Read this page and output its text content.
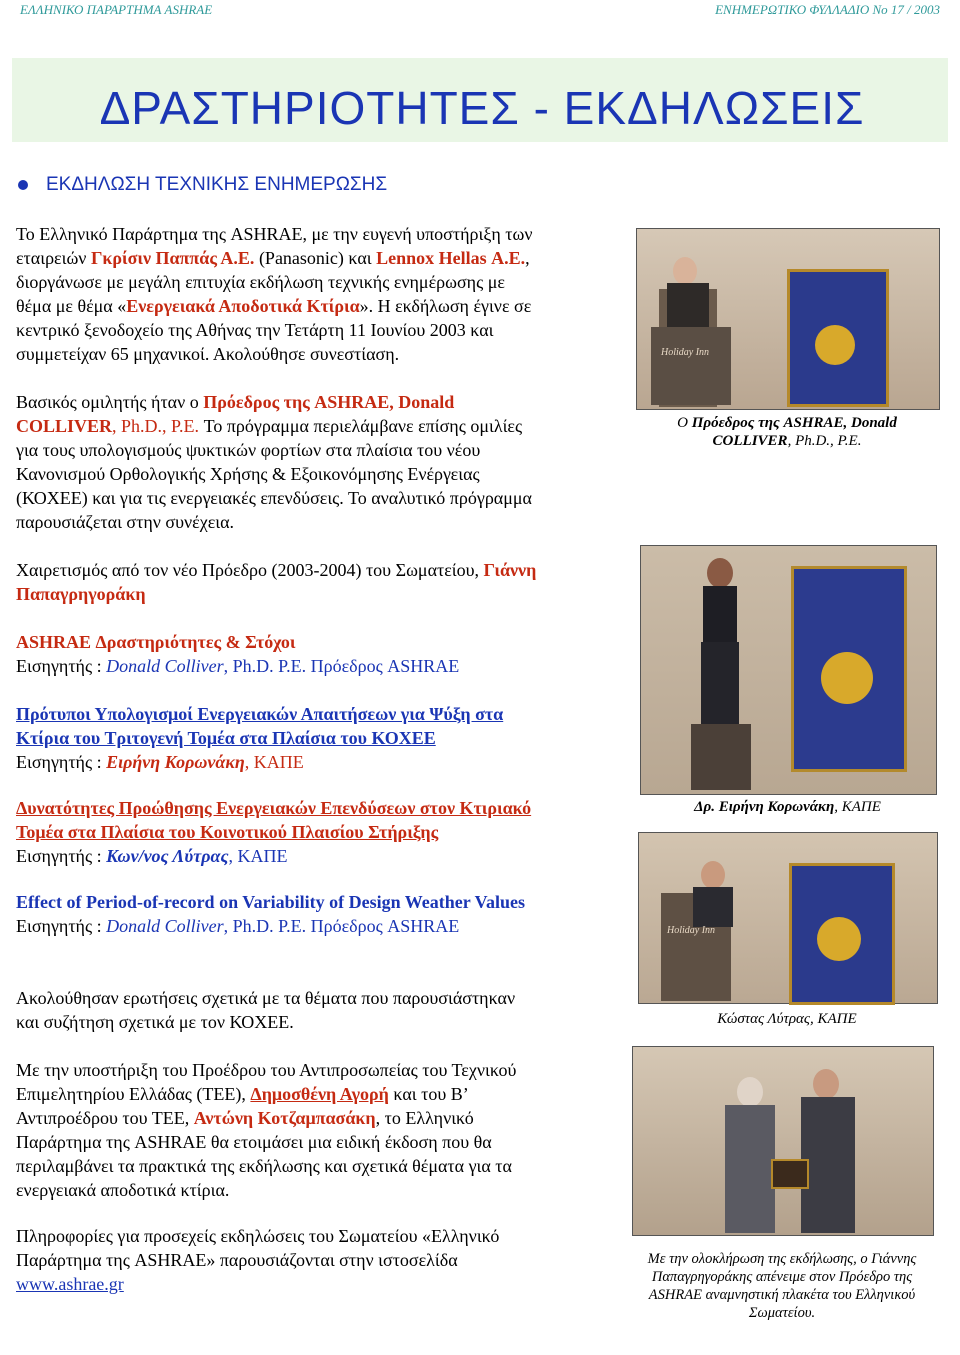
ΕΛΛΗΝΙΚΟ ΠΑΡΑΡΤΗΜΑ ASHRAE	ΕΝΗΜΕΡΩΤΙΚΟ ΦΥΛΛΑΔΙΟ Νο 17 / 2003
ΔΡΑΣΤΗΡΙΟΤΗΤΕΣ - ΕΚΔΗΛΩΣΕΙΣ
ΕΚΔΗΛΩΣΗ ΤΕΧΝΙΚΗΣ ΕΝΗΜΕΡΩΣΗΣ
Το Ελληνικό Παράρτημα της ASHRAE, με την ευγενή υποστήριξη των
εταιρειών Γκρίσιν Παππάς Α.Ε. (Panasonic) και Lennox Hellas Α.Ε.,
διοργάνωσε με μεγάλη επιτυχία εκδήλωση τεχνικής ενημέρωσης με
θέμα με θέμα «Ενεργειακά Αποδοτικά Κτίρια». Η εκδήλωση έγινε σε
κεντρικό ξενοδοχείο της Αθήνας την Τετάρτη 11 Ιουνίου 2003 και
συμμετείχαν 65 μηχανικοί. Ακολούθησε συνεστίαση.
Βασικός ομιλητής ήταν ο Πρόεδρος της ASHRAE, Donald
COLLIVER, Ph.D., P.E. Το πρόγραμμα περιελάμβανε επίσης ομιλίες
για τους υπολογισμούς ψυκτικών φορτίων στα πλαίσια του νέου
Κανονισμού Ορθολογικής Χρήσης & Εξοικονόμησης Ενέργειας
(ΚΟΧΕΕ) και για τις ενεργειακές επενδύσεις. Το αναλυτικό πρόγραμμα
παρουσιάζεται στην συνέχεια.
Χαιρετισμός από τον νέο Πρόεδρο (2003-2004) του Σωματείου, Γιάννη
Παπαγρηγοράκη
ASHRAE Δραστηριότητες & Στόχοι
Εισηγητής : Donald Colliver, Ph.D. P.E. Πρόεδρος ASHRAE
Πρότυποι Υπολογισμοί Ενεργειακών Απαιτήσεων για Ψύξη στα
Κτίρια του Τριτογενή Τομέα στα Πλαίσια του ΚΟΧΕΕ
Εισηγητής : Ειρήνη Κορωνάκη, ΚΑΠΕ
Δυνατότητες Προώθησης Ενεργειακών Επενδύσεων στον Κτιριακό
Τομέα στα Πλαίσια του Κοινοτικού Πλαισίου Στήριξης
Εισηγητής : Κων/νος Λύτρας, ΚΑΠΕ
Effect of Period-of-record on Variability of Design Weather Values
Εισηγητής : Donald Colliver, Ph.D. P.E. Πρόεδρος ASHRAE
Ακολούθησαν ερωτήσεις σχετικά με τα θέματα που παρουσιάστηκαν
και συζήτηση σχετικά με τον ΚΟΧΕΕ.
Με την υποστήριξη του Προέδρου του Αντιπροσωπείας του Τεχνικού
Επιμελητηρίου Ελλάδας (ΤΕΕ), Δημοσθένη Αγορή και του Β’
Αντιπροέδρου του ΤΕΕ, Αντώνη Κοτζαμπασάκη, το Ελληνικό
Παράρτημα της ASHRAE θα ετοιμάσει μια ειδική έκδοση που θα
περιλαμβάνει τα πρακτικά της εκδήλωσης και σχετικά θέματα για τα
ενεργειακά αποδοτικά κτίρια.
Πληροφορίες για προσεχείς εκδηλώσεις του Σωματείου «Ελληνικό
Παράρτημα της ASHRAE» παρουσιάζονται στην ιστοσελίδα
www.ashrae.gr
Holiday Inn
Ο Πρόεδρος της ASHRAE, Donald
COLLIVER, Ph.D., P.E.
Δρ. Ειρήνη Κορωνάκη, ΚΑΠΕ
Holiday Inn
Κώστας Λύτρας, ΚΑΠΕ
Με την ολοκλήρωση της εκδήλωσης, ο Γιάννης
Παπαγρηγοράκης απένειμε στον Πρόεδρο της
ASHRAE αναμνηστική πλακέτα του Ελληνικού
Σωματείου.
